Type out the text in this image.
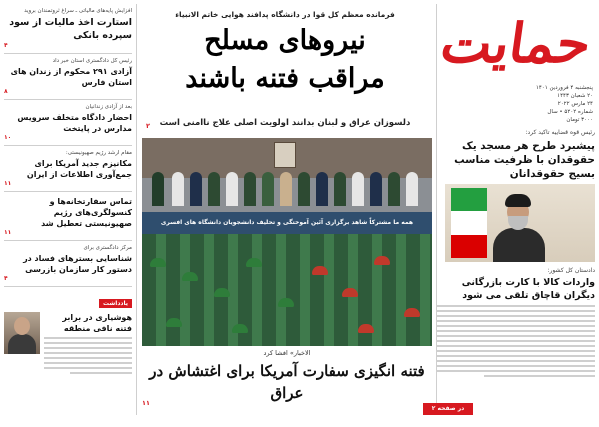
حمایت
پنجشنبه ۴ فروردین ۱۴۰۱
۲۰ شعبان ۱۴۴۳
۲۴ مارس ۲۰۲۲
شماره ۵۲۰۲ • سال
۳۰۰۰ تومان
رئیس قوه قضاییه تاکید کرد:
پیشبرد طرح هر مسجد یک حقوقدان با ظرفیت مناسب بسیج حقوقدانان
دادستان کل کشور:
واردات کالا با کارت بازرگانی دیگران قاچاق تلقی می شود
فرمانده معظم کل قوا در دانشگاه پدافند هوایی خاتم الانبیاء
نیروهای مسلح
مراقب فتنه باشند
دلسوزان عراق و لبنان بدانند اولویت اصلی علاج ناامنی است
۲
همه ما مشترکاً شاهد برگزاری آئین آموختگی و تحلیف دانشجویان دانشگاه های افسری
الاخبار» افشا کرد
فتنه انگیزی سفارت آمریکا برای اغتشاش در عراق
۱۱
افزایش پایه‌های مالیاتی ـ سراغ ثروتمندان بروید
استارت اخذ مالیات از سود سپرده بانکی
۴
رئیس کل دادگستری استان خبر داد
آزادی ۲۹۱ محکوم از زندان های استان فارس
۸
بعد از آزادی زندانیان
احضار دادگاه متخلف سرویس مدارس در پایتخت
۱۰
مقام ارشد رژیم صهیونیستی:
مکانیزم جدید آمریکا برای جمع‌آوری اطلاعات از ایران
۱۱
تماس سفارتخانه‌ها و کنسولگری‌های رژیم صهیونیستی تعطیل شد
۱۱
مرکز دادگستری برای
شناسایی بسترهای فساد در دستور کار سازمان بازرسی
۴
یادداشت
هوشیاری در برابر فتنه نافی منطقه
در صفحه ۲ بخوانید
